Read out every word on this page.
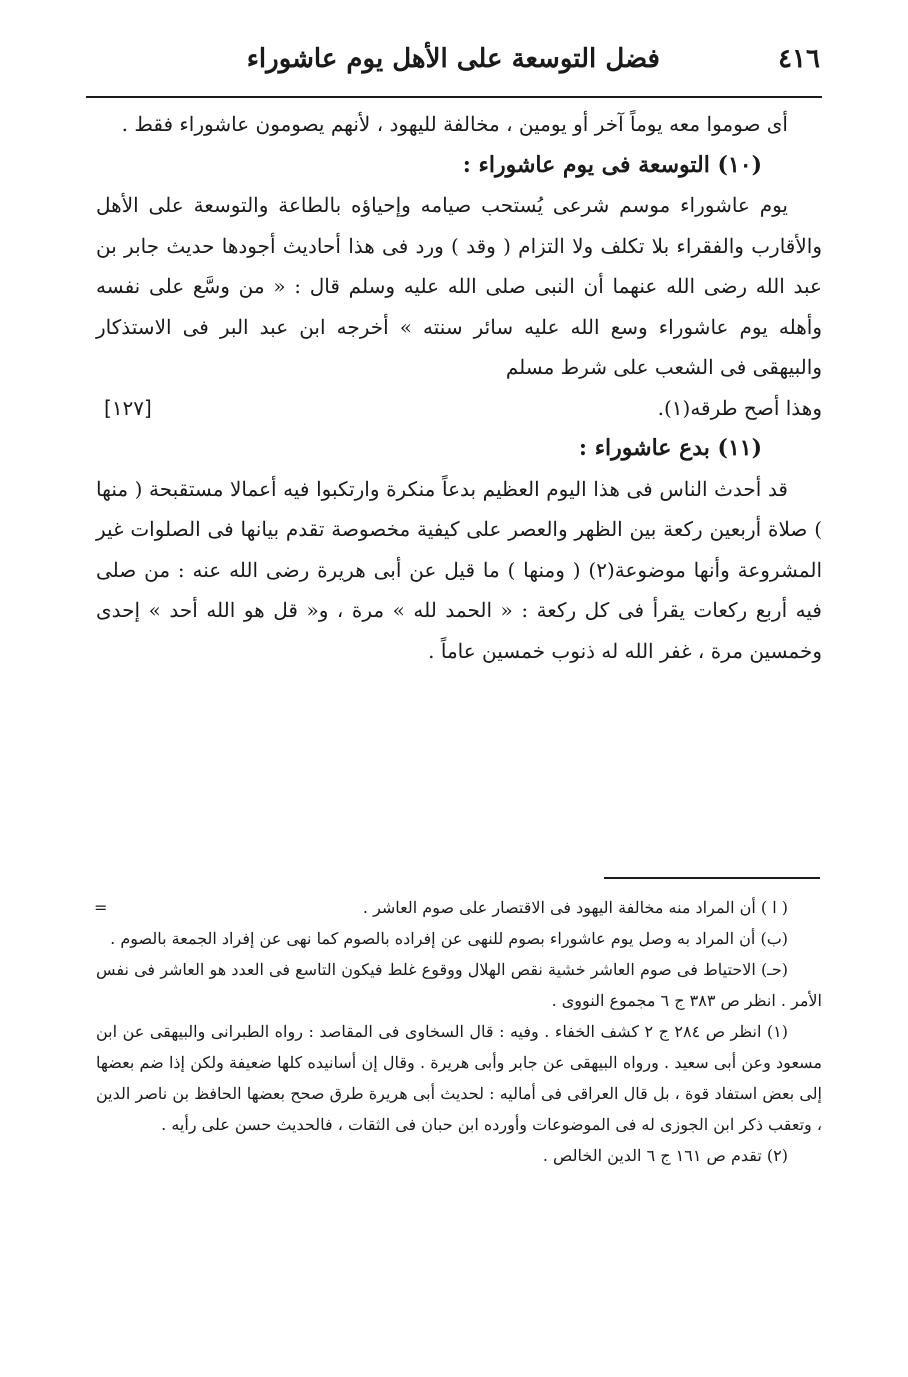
٤١٦
فضل التوسعة على الأهل يوم عاشوراء

أى صوموا معه يوماً آخر أو يومين ، مخالفة لليهود ، لأنهم يصومون عاشوراء فقط .

(١٠) التوسعة فى يوم عاشوراء :

يوم عاشوراء موسم شرعى يُستحب صيامه وإحياؤه بالطاعة والتوسعة على الأهل والأقارب والفقراء بلا تكلف ولا التزام ( وقد ) ورد فى هذا أحاديث أجودها حديث جابر بن عبد الله رضى الله عنهما أن النبى صلى الله عليه وسلم قال : « من وسَّع على نفسه وأهله يوم عاشوراء وسع الله عليه سائر سنته » أخرجه ابن عبد البر فى الاستذكار والبيهقى فى الشعب على شرط مسلم

وهذا أصح طرقه(١).
[١٢٧]

(١١) بدع عاشوراء :

قد أحدث الناس فى هذا اليوم العظيم بدعاً منكرة وارتكبوا فيه أعمالا مستقبحة ( منها ) صلاة أربعين ركعة بين الظهر والعصر على كيفية مخصوصة تقدم بيانها فى الصلوات غير المشروعة وأنها موضوعة(٢) ( ومنها ) ما قيل عن أبى هريرة رضى الله عنه : من صلى فيه أربع ركعات يقرأ فى كل ركعة : « الحمد لله » مرة ، و« قل هو الله أحد » إحدى وخمسين مرة ، غفر الله له ذنوب خمسين عاماً .

( ا ) أن المراد منه مخالفة اليهود فى الاقتصار على صوم العاشر .
=

(ب) أن المراد به وصل يوم عاشوراء بصوم للنهى عن إفراده بالصوم كما نهى عن إفراد الجمعة بالصوم .

(حـ) الاحتياط فى صوم العاشر خشية نقص الهلال ووقوع غلط فيكون التاسع فى العدد هو العاشر فى نفس الأمر . انظر ص ٣٨٣ ج ٦ مجموع النووى .

(١) انظر ص ٢٨٤ ج ٢ كشف الخفاء . وفيه : قال السخاوى فى المقاصد : رواه الطبرانى والبيهقى عن ابن مسعود وعن أبى سعيد . ورواه البيهقى عن جابر وأبى هريرة . وقال إن أسانيده كلها ضعيفة ولكن إذا ضم بعضها إلى بعض استفاد قوة ، بل قال العراقى فى أماليه : لحديث أبى هريرة طرق صحح بعضها الحافظ بن ناصر الدين ، وتعقب ذكر ابن الجوزى له فى الموضوعات وأورده ابن حبان فى الثقات ، فالحديث حسن على رأيه .

(٢) تقدم ص ١٦١ ج ٦ الدين الخالص .
